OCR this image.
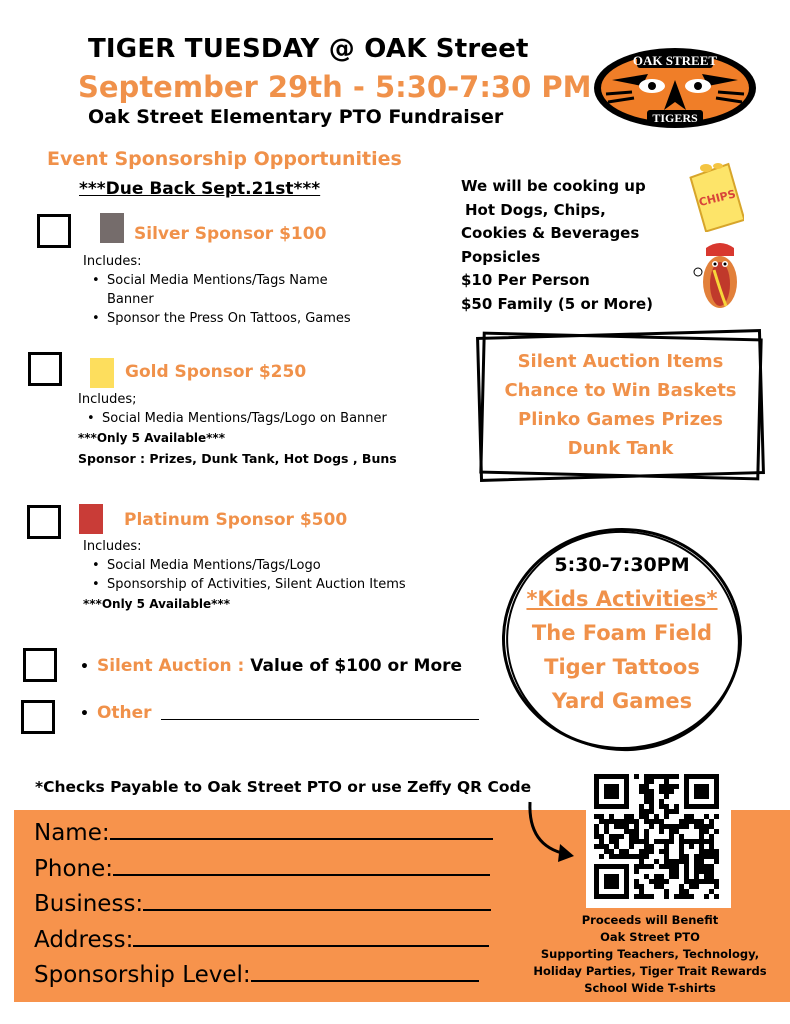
TIGER TUESDAY @ OAK Street
September 29th - 5:30-7:30 PM
Oak Street Elementary PTO Fundraiser
OAK STREET
TIGERS
Event Sponsorship Opportunities
***Due Back Sept.21st***
Silver Sponsor $100
Includes:
• Social Media Mentions/Tags Name Banner
• Sponsor the Press On Tattoos, Games
Gold Sponsor $250
Includes;
• Social Media Mentions/Tags/Logo on Banner
***Only 5 Available***
Sponsor : Prizes, Dunk Tank, Hot Dogs , Buns
Platinum Sponsor $500
Includes:
• Social Media Mentions/Tags/Logo
• Sponsorship of Activities, Silent Auction Items
***Only 5 Available***
• Silent Auction : Value of $100 or More
• Other
We will be cooking up
Hot Dogs, Chips,
Cookies & Beverages
Popsicles
$10 Per Person
$50 Family (5 or More)
CHIPS
Silent Auction Items
Chance to Win Baskets
Plinko Games Prizes
Dunk Tank
5:30-7:30PM
*Kids Activities*
The Foam Field
Tiger Tattoos
Yard Games
*Checks Payable to Oak Street PTO or use Zeffy QR Code
Name:
Phone:
Business:
Address:
Sponsorship Level:
Proceeds will Benefit
Oak Street PTO
Supporting Teachers, Technology,
Holiday Parties, Tiger Trait Rewards
School Wide T-shirts
